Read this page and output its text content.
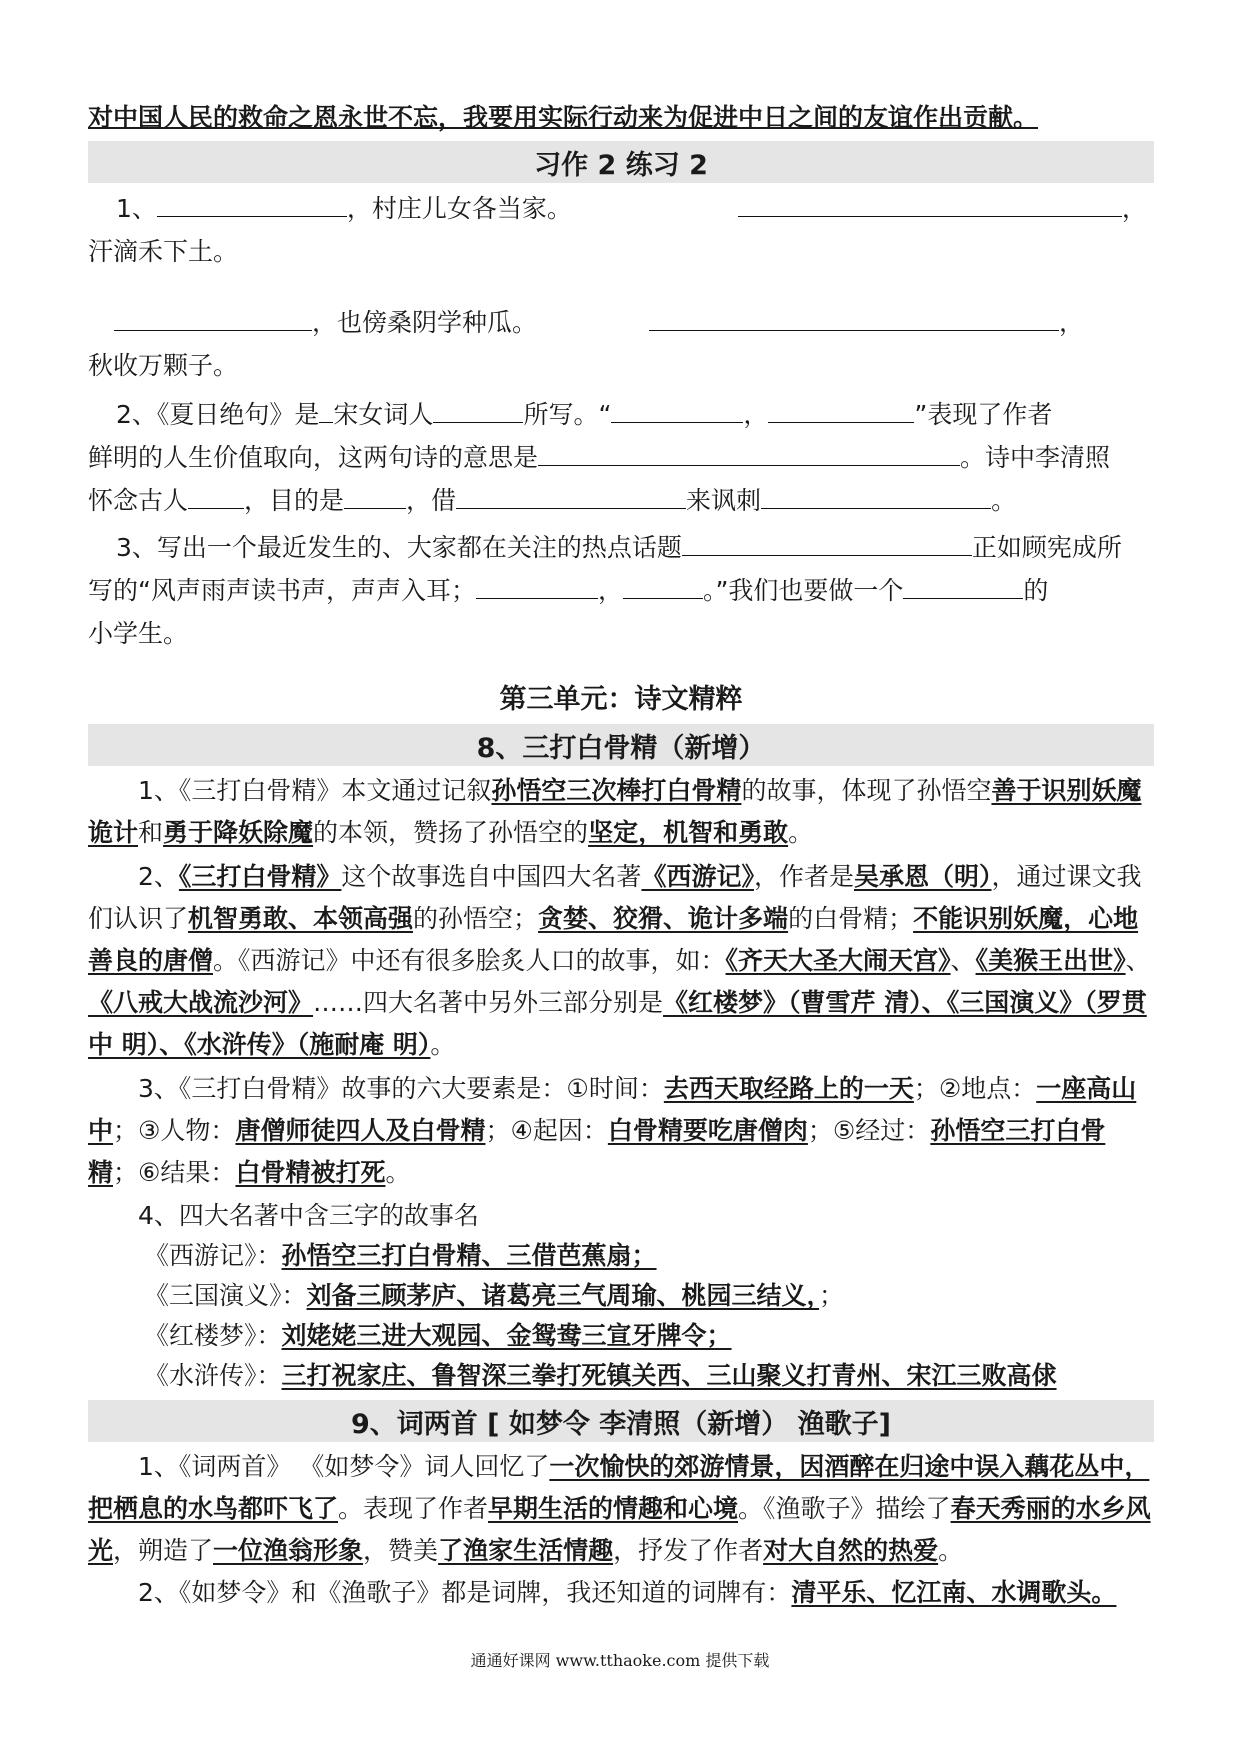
对中国人民的救命之恩永世不忘，我要用实际行动来为促进中日之间的友谊作出贡献。
习作 2 练习 2
1、	，村庄儿女各当家。	，
汗滴禾下土。
，也傍桑阴学种瓜。	，
秋收万颗子。
2、《夏日绝句》是 宋女词人	所写。“	，	”表现了作者
鲜明的人生价值取向，这两句诗的意思是	。诗中李清照
怀念古人 ，目的是 ，借	来讽刺	。
3、写出一个最近发生的、大家都在关注的热点话题	正如顾宪成所
写的“风声雨声读书声，声声入耳；	，	。”我们也要做一个	的
小学生。
第三单元：诗文精粹
8、三打白骨精（新增）
1、《三打白骨精》本文通过记叙孙悟空三次棒打白骨精的故事，体现了孙悟空善于识别妖魔诡计和勇于降妖除魔的本领，赞扬了孙悟空的坚定，机智和勇敢。
2、《三打白骨精》这个故事选自中国四大名著《西游记》，作者是吴承恩（明），通过课文我们认识了机智勇敢、本领高强的孙悟空；贪婪、狡猾、诡计多端的白骨精；不能识别妖魔，心地善良的唐僧。《西游记》中还有很多脍炙人口的故事，如：《齐天大圣大闹天宫》、《美猴王出世》、《八戒大战流沙河》……四大名著中另外三部分别是《红楼梦》（曹雪芹 清）、《三国演义》（罗贯中 明）、《水浒传》（施耐庵 明）。
3、《三打白骨精》故事的六大要素是：①时间：去西天取经路上的一天；②地点：一座高山中；③人物：唐僧师徒四人及白骨精；④起因：白骨精要吃唐僧肉；⑤经过：孙悟空三打白骨精；⑥结果：白骨精被打死。
4、四大名著中含三字的故事名
《西游记》：孙悟空三打白骨精、三借芭蕉扇；
《三国演义》：刘备三顾茅庐、诸葛亮三气周瑜、桃园三结义，；
《红楼梦》：刘姥姥三进大观园、金鸳鸯三宣牙牌令；
《水浒传》：三打祝家庄、鲁智深三拳打死镇关西、三山聚义打青州、宋江三败高俅
9、词两首 [ 如梦令 李清照（新增） 渔歌子]
1、《词两首》 《如梦令》词人回忆了一次愉快的郊游情景，因酒醉在归途中误入藕花丛中，把栖息的水鸟都吓飞了。表现了作者早期生活的情趣和心境。《渔歌子》描绘了春天秀丽的水乡风光，朔造了一位渔翁形象，赞美了渔家生活情趣，抒发了作者对大自然的热爱。
2、《如梦令》和《渔歌子》都是词牌，我还知道的词牌有：清平乐、忆江南、水调歌头。
通通好课网 www.tthaoke.com 提供下载
